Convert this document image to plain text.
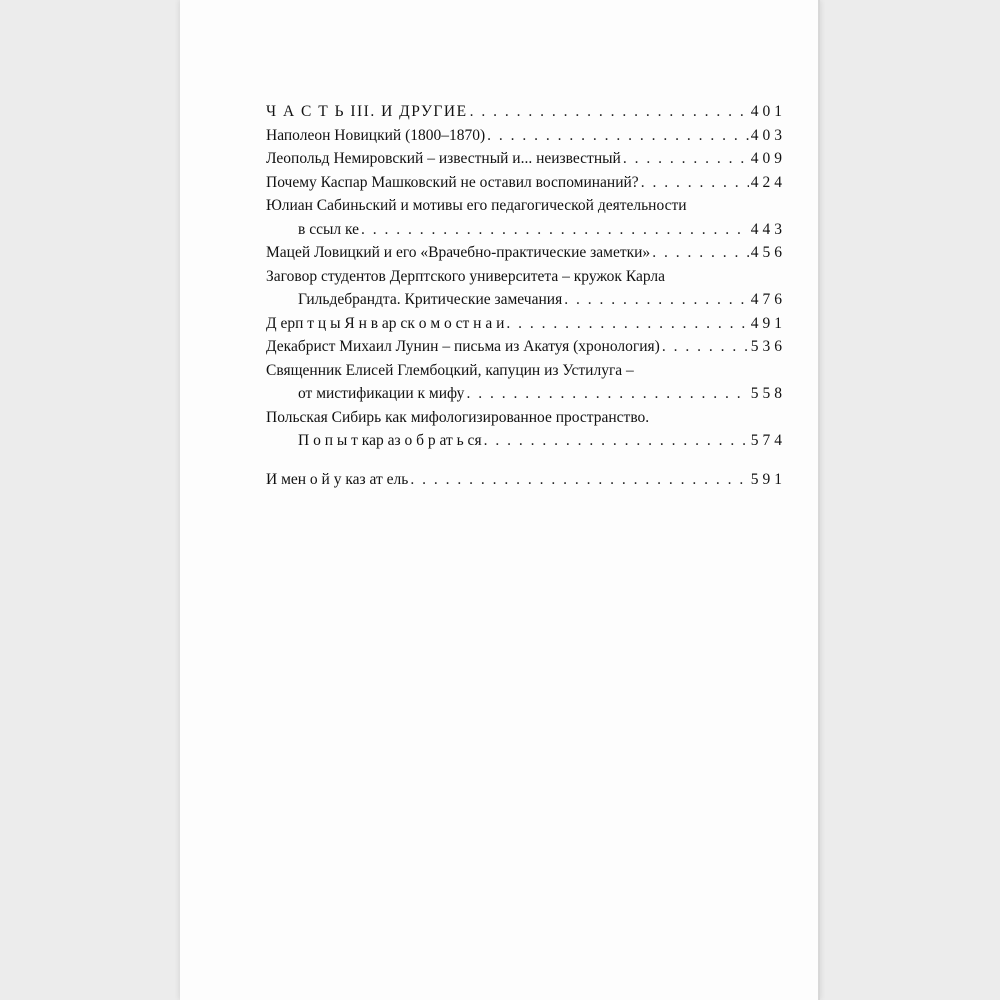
Ч А С Т Ь III. И ДРУГИЕ . . .	401
Наполеон Новицкий (1800–1870) . . .	403
Леопольд Немировский – известный и... неизвестный . . .	409
Почему Каспар Машковский не оставил воспоминаний? . . .	424
Юлиан Сабиньский и мотивы его педагогической деятельности
в ссыл ке . . .	443
Мацей Ловицкий и его «Врачебно-практические заметки» . . .	456
Заговор студентов Дерптского университета – кружок Карла
Гильдебрандта. Критические замечания . . .	476
Д ерп т ц ы Я н в ар ск о м о ст н а и . . .	491
Декабрист Михаил Лунин – письма из Акатуя (хронология) . . .	536
Священник Елисей Глембоцкий, капуцин из Устилуга –
от мистификации к мифу . . .	558
Польская Сибирь как мифологизированное пространство.
П о п ы т кар аз о б р ат ь ся . . .	574
И мен о й у каз ат ель . . .	591
